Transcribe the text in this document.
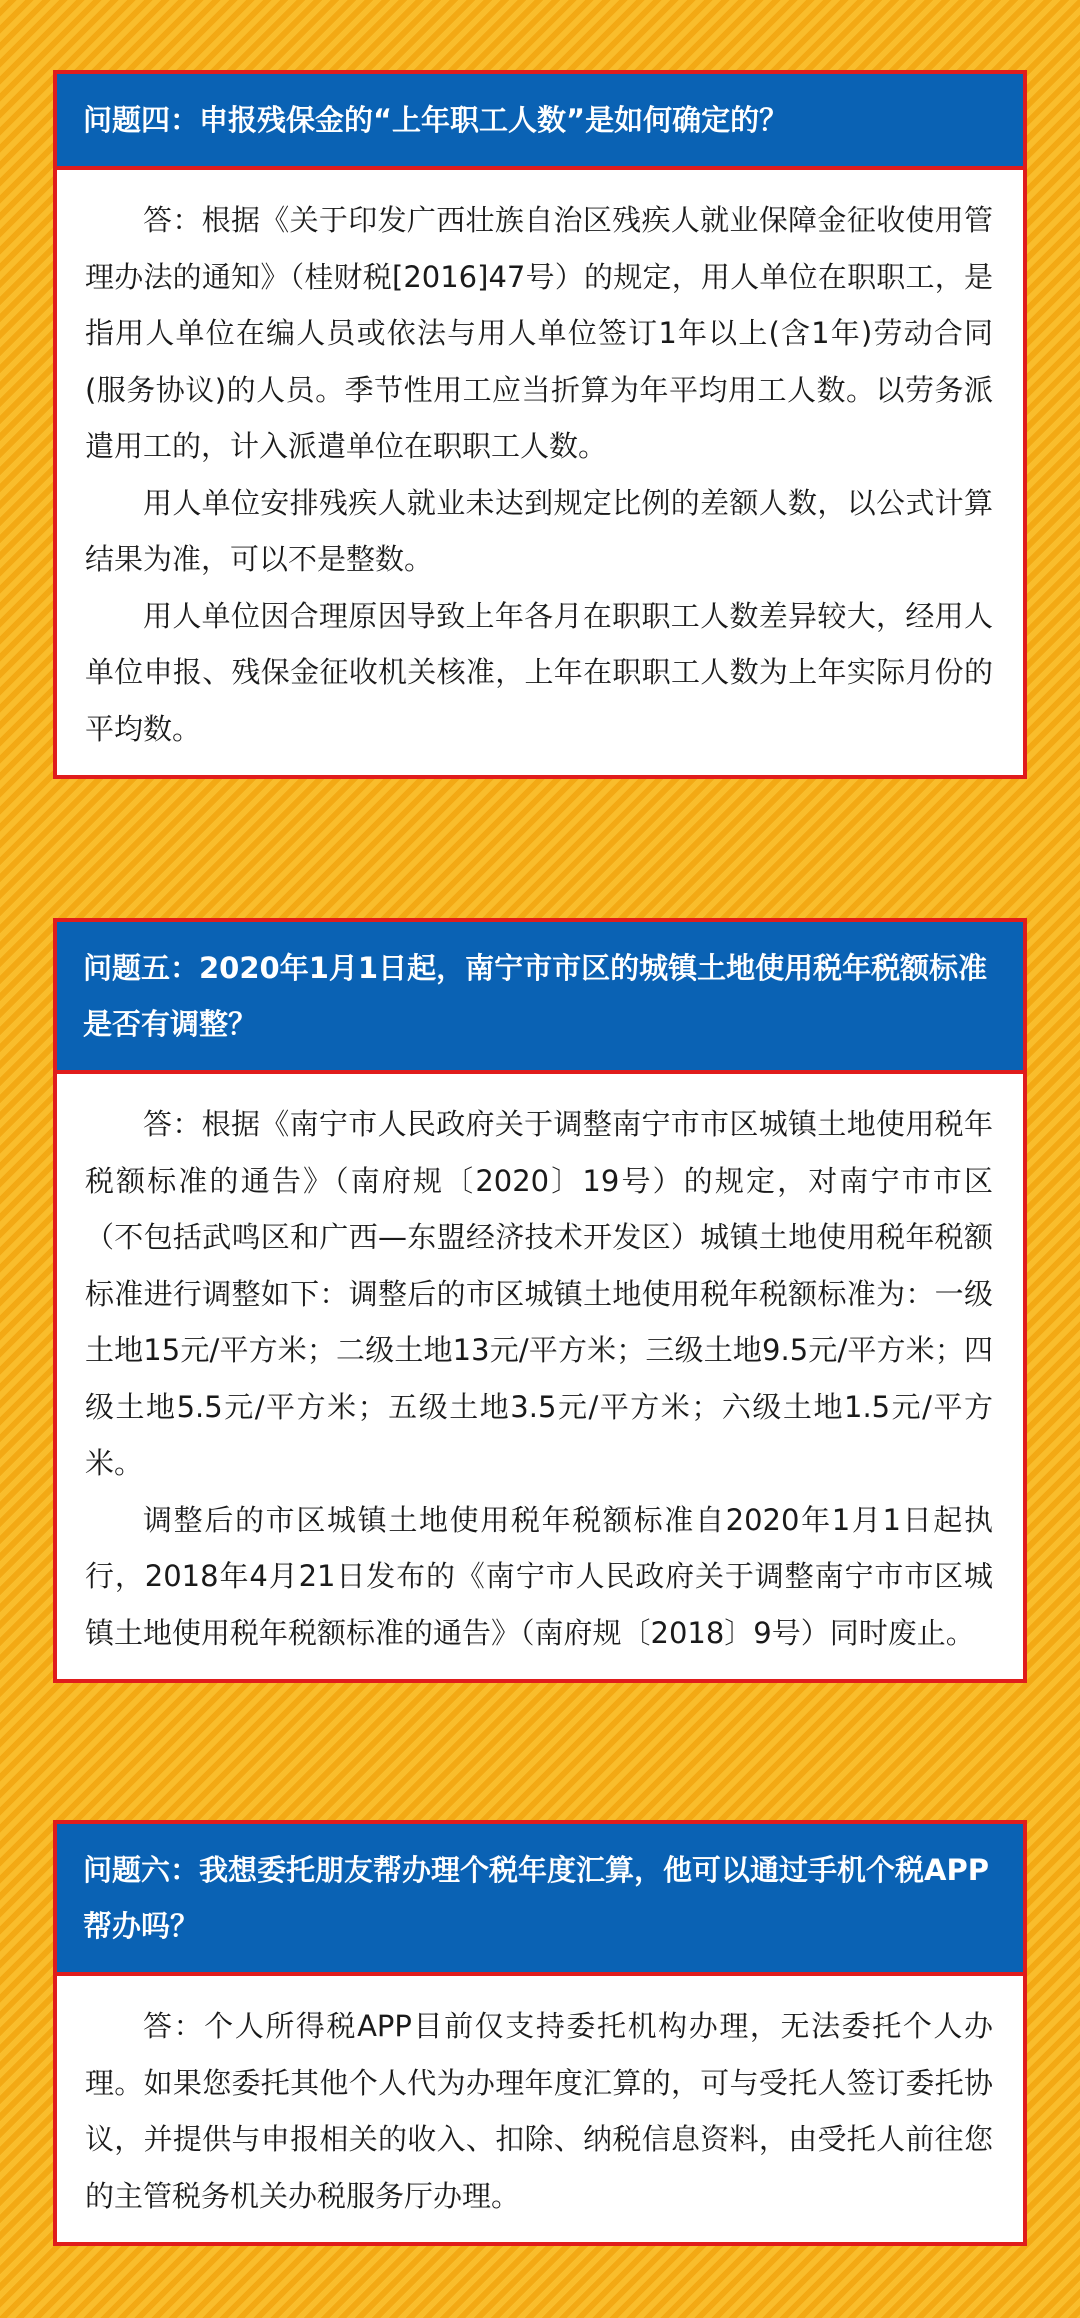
问题四：申报残保金的“上年职工人数”是如何确定的？

答：根据《关于印发广西壮族自治区残疾人就业保障金征收使用管理办法的通知》（桂财税[2016]47号）的规定，用人单位在职职工，是指用人单位在编人员或依法与用人单位签订1年以上(含1年)劳动合同(服务协议)的人员。季节性用工应当折算为年平均用工人数。以劳务派遣用工的，计入派遣单位在职职工人数。

用人单位安排残疾人就业未达到规定比例的差额人数，以公式计算结果为准，可以不是整数。

用人单位因合理原因导致上年各月在职职工人数差异较大，经用人单位申报、残保金征收机关核准，上年在职职工人数为上年实际月份的平均数。

问题五：2020年1月1日起，南宁市市区的城镇土地使用税年税额标准是否有调整？

答：根据《南宁市人民政府关于调整南宁市市区城镇土地使用税年税额标准的通告》（南府规〔2020〕19号）的规定，对南宁市市区（不包括武鸣区和广西—东盟经济技术开发区）城镇土地使用税年税额标准进行调整如下：调整后的市区城镇土地使用税年税额标准为：一级土地15元/平方米；二级土地13元/平方米；三级土地9.5元/平方米；四级土地5.5元/平方米；五级土地3.5元/平方米；六级土地1.5元/平方米。

调整后的市区城镇土地使用税年税额标准自2020年1月1日起执行，2018年4月21日发布的《南宁市人民政府关于调整南宁市市区城镇土地使用税年税额标准的通告》（南府规〔2018〕9号）同时废止。

问题六：我想委托朋友帮办理个税年度汇算，他可以通过手机个税APP帮办吗？

答：个人所得税APP目前仅支持委托机构办理，无法委托个人办理。如果您委托其他个人代为办理年度汇算的，可与受托人签订委托协议，并提供与申报相关的收入、扣除、纳税信息资料，由受托人前往您的主管税务机关办税服务厅办理。
